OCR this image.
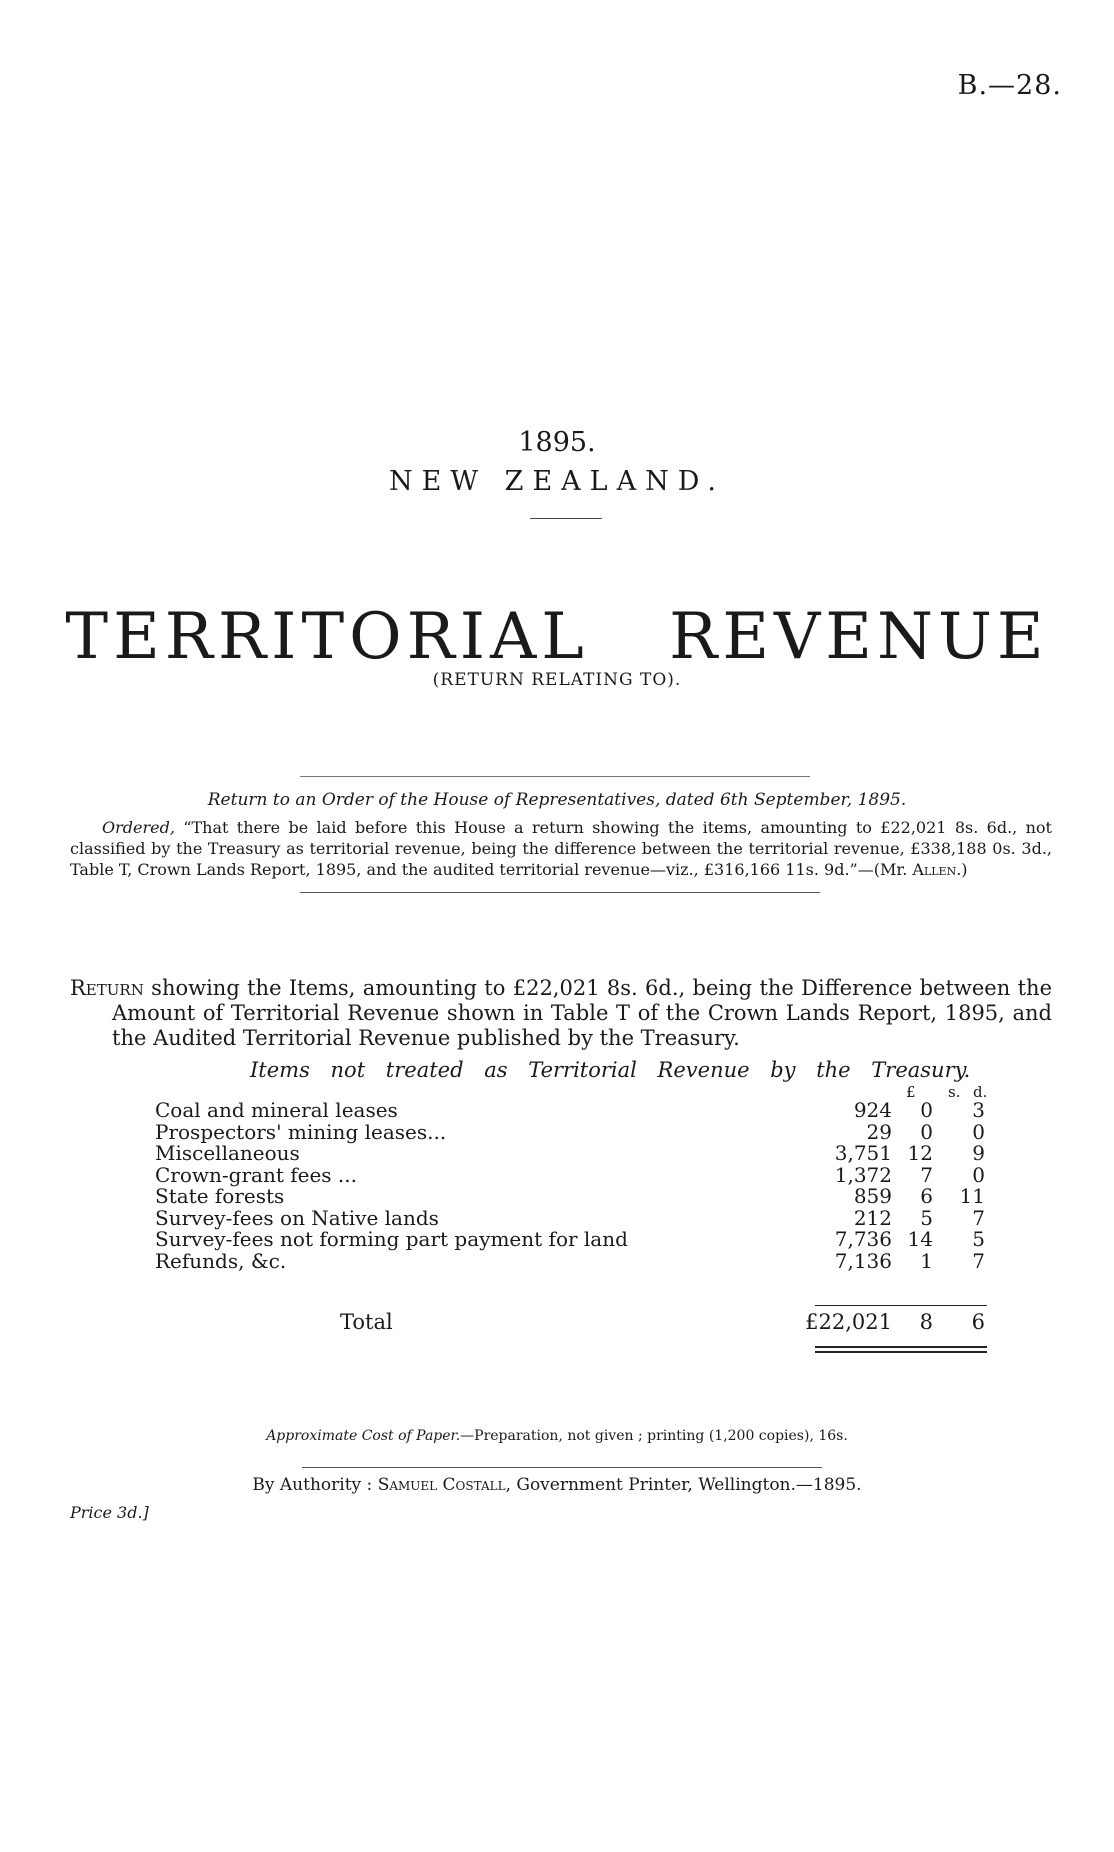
B.—28.
1895.
NEW ZEALAND.
TERRITORIAL REVENUE
(RETURN RELATING TO).
Return to an Order of the House of Representatives, dated 6th September, 1895.
Ordered, “That there be laid before this House a return showing the items, amounting to £22,021 8s. 6d., not classified by the Treasury as territorial revenue, being the difference between the territorial revenue, £338,188 0s. 3d., Table T, Crown Lands Report, 1895, and the audited territorial revenue—viz., £316,166 11s. 9d.”—(Mr. Allen.)
Return showing the Items, amounting to £22,021 8s. 6d., being the Difference between the Amount of Territorial Revenue shown in Table T of the Crown Lands Report, 1895, and the Audited Territorial Revenue published by the Treasury.
Items not treated as Territorial Revenue by the Treasury.
£ s. d.
Coal and mineral leases	924 0	3
Prospectors' mining leases...	29 0	0
Miscellaneous	3,751 12	9
Crown-grant fees ...	1,372 7	0
State forests	859 6 11
Survey-fees on Native lands	212 5	7
Survey-fees not forming part payment for land	7,736 14	5
Refunds, &c.	7,136 1	7
Total	£22,021 8 6
Approximate Cost of Paper.—Preparation, not given ; printing (1,200 copies), 16s.
By Authority : Samuel Costall, Government Printer, Wellington.—1895.
Price 3d.]
